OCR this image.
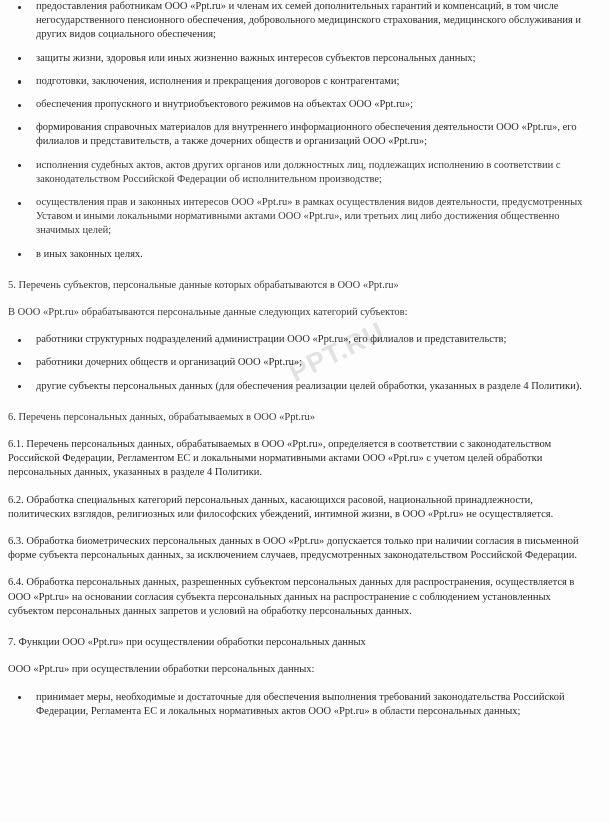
PPT.RU
предоставления работникам ООО «Ppt.ru» и членам их семей дополнительных гарантий и компенсаций, в том числе негосударственного пенсионного обеспечения, добровольного медицинского страхования, медицинского обслуживания и других видов социального обеспечения;
защиты жизни, здоровья или иных жизненно важных интересов субъектов персональных данных;
подготовки, заключения, исполнения и прекращения договоров с контрагентами;
обеспечения пропускного и внутриобъектового режимов на объектах ООО «Ppt.ru»;
формирования справочных материалов для внутреннего информационного обеспечения деятельности ООО «Ppt.ru», его филиалов и представительств, а также дочерних обществ и организаций ООО «Ppt.ru»;
исполнения судебных актов, актов других органов или должностных лиц, подлежащих исполнению в соответствии с законодательством Российской Федерации об исполнительном производстве;
осуществления прав и законных интересов ООО «Ppt.ru» в рамках осуществления видов деятельности, предусмотренных Уставом и иными локальными нормативными актами ООО «Ppt.ru», или третьих лиц либо достижения общественно значимых целей;
в иных законных целях.

5. Перечень субъектов, персональные данные которых обрабатываются в ООО «Ppt.ru»

В ООО «Ppt.ru» обрабатываются персональные данные следующих категорий субъектов:

работники структурных подразделений администрации ООО «Ppt.ru», его филиалов и представительств;
работники дочерних обществ и организаций ООО «Ppt.ru»;
другие субъекты персональных данных (для обеспечения реализации целей обработки, указанных в разделе 4 Политики).

6. Перечень персональных данных, обрабатываемых в ООО «Ppt.ru»

6.1. Перечень персональных данных, обрабатываемых в ООО «Ppt.ru», определяется в соответствии с законодательством Российской Федерации, Регламентом ЕС и локальными нормативными актами ООО «Ppt.ru» с учетом целей обработки персональных данных, указанных в разделе 4 Политики.

6.2. Обработка специальных категорий персональных данных, касающихся расовой, национальной принадлежности, политических взглядов, религиозных или философских убеждений, интимной жизни, в ООО «Ppt.ru» не осуществляется.

6.3. Обработка биометрических персональных данных в ООО «Ppt.ru» допускается только при наличии согласия в письменной форме субъекта персональных данных, за исключением случаев, предусмотренных законодательством Российской Федерации.

6.4. Обработка персональных данных, разрешенных субъектом персональных данных для распространения, осуществляется в ООО «Ppt.ru» на основании согласия субъекта персональных данных на распространение с соблюдением установленных субъектом персональных данных запретов и условий на обработку персональных данных.

7. Функции ООО «Ppt.ru» при осуществлении обработки персональных данных

ООО «Ppt.ru» при осуществлении обработки персональных данных:

принимает меры, необходимые и достаточные для обеспечения выполнения требований законодательства Российской Федерации, Регламента ЕС и локальных нормативных актов ООО «Ppt.ru» в области персональных данных;
